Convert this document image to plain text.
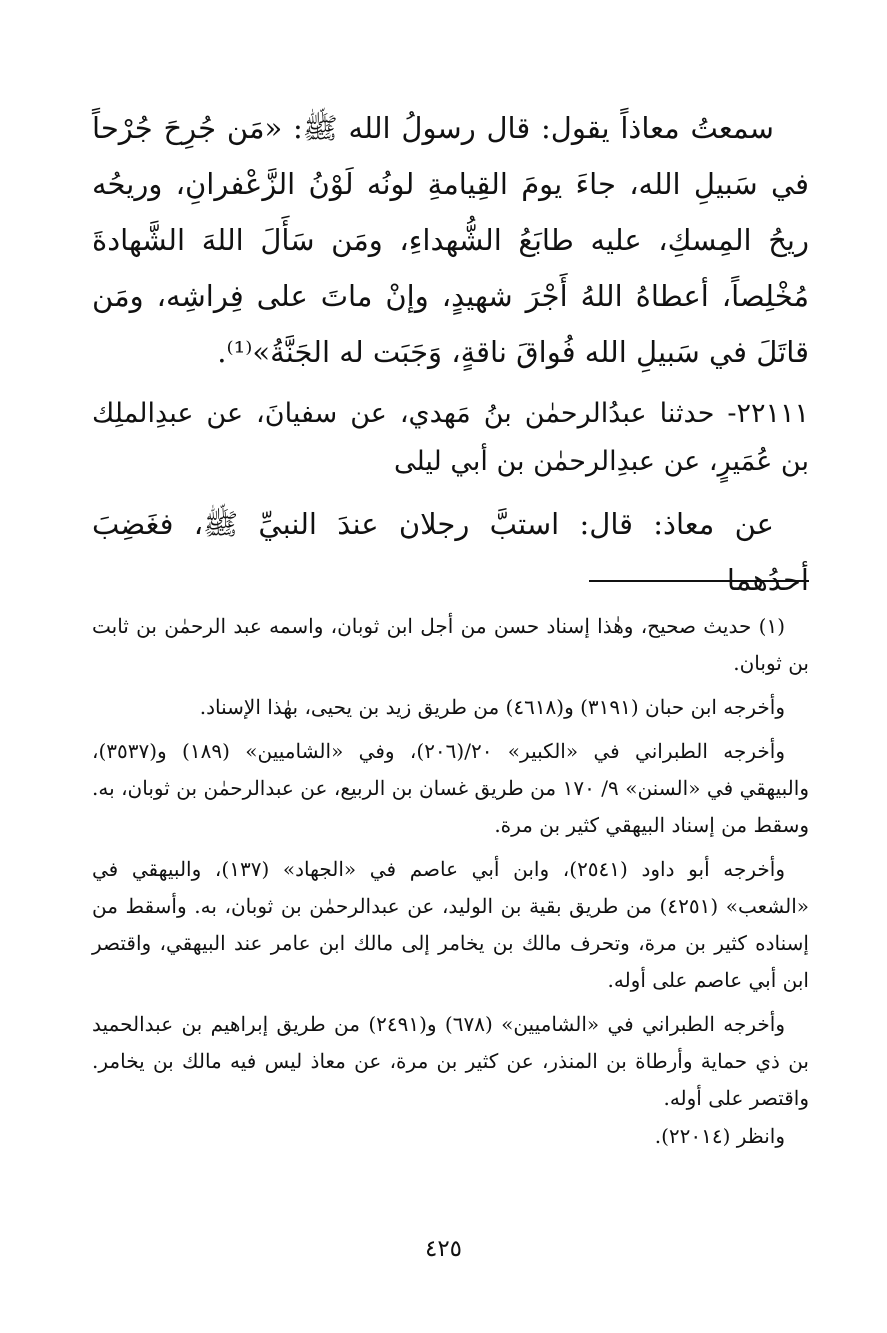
سمعتُ معاذاً يقول: قال رسولُ الله ﷺ: «مَن جُرِحَ جُرْحاً في سَبيلِ الله، جاءَ يومَ القِيامةِ لونُه لَوْنُ الزَّعْفرانِ، وريحُه ريحُ المِسكِ، عليه طابَعُ الشُّهداءِ، ومَن سَأَلَ اللهَ الشَّهادةَ مُخْلِصاً، أعطاهُ اللهُ أَجْرَ شهيدٍ، وإنْ ماتَ على فِراشِه، ومَن قاتَلَ في سَبيلِ الله فُواقَ ناقةٍ، وَجَبَت له الجَنَّةُ»⁽¹⁾.

٢٢١١١- حدثنا عبدُالرحمٰن بنُ مَهدي، عن سفيانَ، عن عبدِالملِك بن عُمَيرٍ، عن عبدِالرحمٰن بن أبي ليلى

عن معاذ: قال: استبَّ رجلان عندَ النبيِّ ﷺ، فغَضِبَ أحدُهما

(١) حديث صحيح، وهٰذا إسناد حسن من أجل ابن ثوبان، واسمه عبد الرحمٰن بن ثابت بن ثوبان.

وأخرجه ابن حبان (٣١٩١) و(٤٦١٨) من طريق زيد بن يحيى، بهٰذا الإسناد.

وأخرجه الطبراني في «الكبير» ٢٠/(٢٠٦)، وفي «الشاميين» (١٨٩) و(٣٥٣٧)، والبيهقي في «السنن» ٩/ ١٧٠ من طريق غسان بن الربيع، عن عبدالرحمٰن بن ثوبان، به. وسقط من إسناد البيهقي كثير بن مرة.

وأخرجه أبو داود (٢٥٤١)، وابن أبي عاصم في «الجهاد» (١٣٧)، والبيهقي في «الشعب» (٤٢٥١) من طريق بقية بن الوليد، عن عبدالرحمٰن بن ثوبان، به. وأسقط من إسناده كثير بن مرة، وتحرف مالك بن يخامر إلى مالك ابن عامر عند البيهقي، واقتصر ابن أبي عاصم على أوله.

وأخرجه الطبراني في «الشاميين» (٦٧٨) و(٢٤٩١) من طريق إبراهيم بن عبدالحميد بن ذي حماية وأرطاة بن المنذر، عن كثير بن مرة، عن معاذ ليس فيه مالك بن يخامر. واقتصر على أوله.

وانظر (٢٢٠١٤).

٤٢٥
